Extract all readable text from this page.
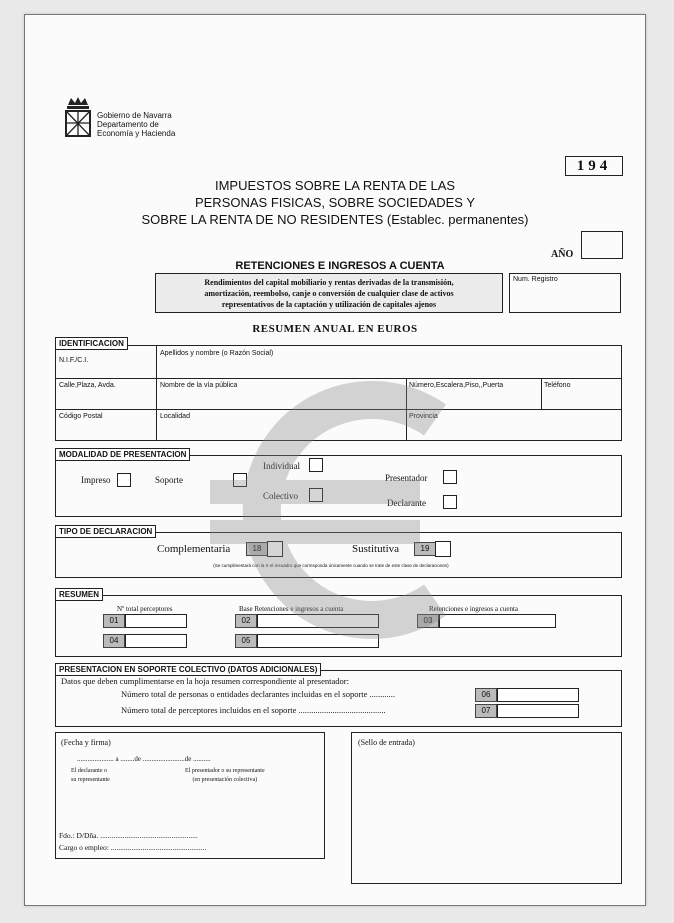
Gobierno de Navarra
Departamento de
Economía y Hacienda
194
IMPUESTOS SOBRE LA RENTA DE LAS
PERSONAS FISICAS, SOBRE SOCIEDADES Y
SOBRE LA RENTA DE NO RESIDENTES (Establec. permanentes)
AÑO
RETENCIONES E INGRESOS A CUENTA
Rendimientos del capital mobiliario y rentas derivadas de la transmisión,
amortización, reembolso, canje o conversión de cualquier clase de activos
representativos de la captación y utilización de capitales ajenos
Num. Registro
RESUMEN ANUAL EN EUROS
N.I.F./C.I.
Apellidos y nombre (o Razón Social)
Calle,Plaza, Avda.	Nombre de la vía pública	Número,Escalera,Piso,,Puerta	Teléfono
Código Postal	Localidad	Provincia
IDENTIFICACION
MODALIDAD DE PRESENTACION
Impreso	Soporte
Individual
Colectivo
Presentador
Declarante
TIPO DE DECLARACION
Complementaria	18	Sustitutiva	19
(Se cumplimentará con la X el recuadro que corresponda únicamente cuando se trate de este clase de declaraciones)
RESUMEN
Nº total perceptores	Base Retenciones e ingresos a cuenta	Retenciones e ingresos a cuenta
01	02	03
04	05
PRESENTACION EN SOPORTE COLECTIVO (DATOS ADICIONALES)
Datos que deben cumplimentarse en la hoja resumen correspondiente al presentador:
Número total de personas o entidades declarantes incluidas en el soporte ............
Número total de perceptores incluidos en el soporte .........................................
06
07
(Fecha y firma)
..................... a ........de ........................de ..........
El declarante o
su representante
El presentador o su representante
(en presentación colectiva)
Fdo.: D/Dña. ....................................................
Cargo o empleo: ...................................................
(Sello de entrada)
